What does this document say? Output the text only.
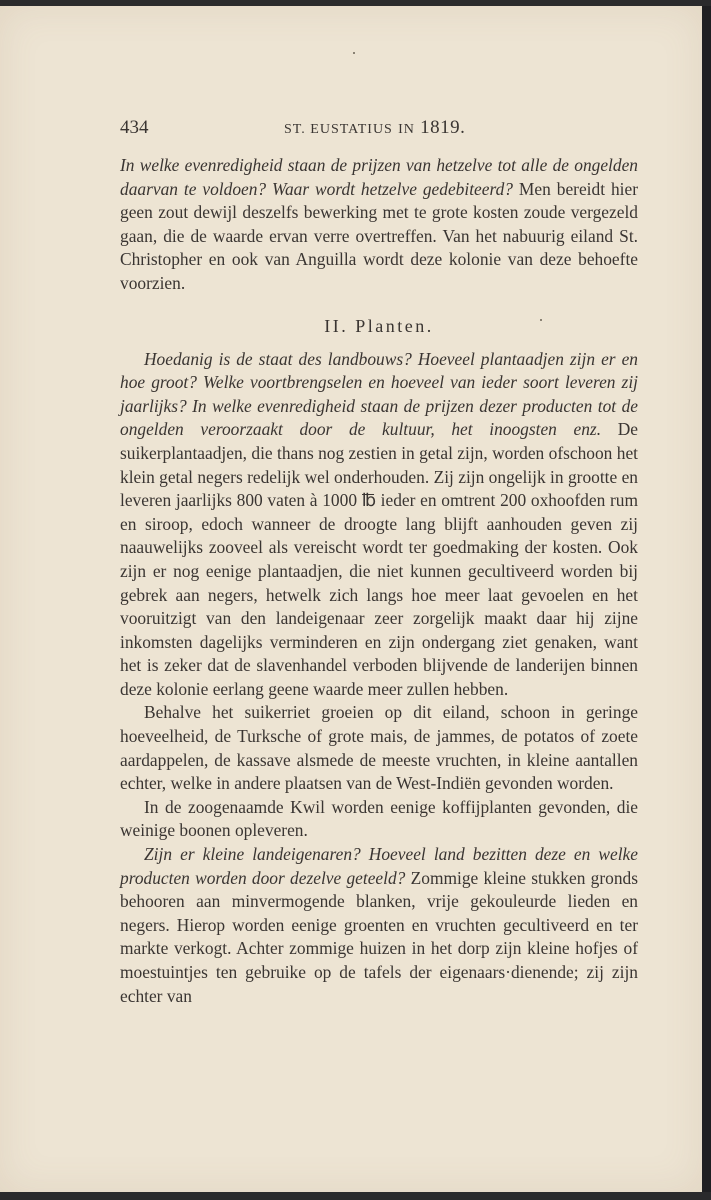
434	ST. EUSTATIUS IN 1819.

In welke evenredigheid staan de prijzen van hetzelve tot alle de ongelden daarvan te voldoen? Waar wordt hetzelve gedebiteerd? Men bereidt hier geen zout dewijl deszelfs bewerking met te grote kosten zoude vergezeld gaan, die de waarde ervan verre overtreffen. Van het nabuurig eiland St. Christopher en ook van Anguilla wordt deze kolonie van deze behoefte voorzien.

II. Planten.

Hoedanig is de staat des landbouws? Hoeveel plantaadjen zijn er en hoe groot? Welke voortbrengselen en hoeveel van ieder soort leveren zij jaarlijks? In welke evenredigheid staan de prijzen dezer producten tot de ongelden veroorzaakt door de kultuur, het inoogsten enz. De suikerplantaadjen, die thans nog zestien in getal zijn, worden ofschoon het klein getal negers redelijk wel onderhouden. Zij zijn ongelijk in grootte en leveren jaarlijks 800 vaten à 1000 ℔ ieder en omtrent 200 oxhoofden rum en siroop, edoch wanneer de droogte lang blijft aanhouden geven zij naauwelijks zooveel als vereischt wordt ter goedmaking der kosten. Ook zijn er nog eenige plantaadjen, die niet kunnen gecultiveerd worden bij gebrek aan negers, hetwelk zich langs hoe meer laat gevoelen en het vooruitzigt van den landeigenaar zeer zorgelijk maakt daar hij zijne inkomsten dagelijks verminderen en zijn ondergang ziet genaken, want het is zeker dat de slavenhandel verboden blijvende de landerijen binnen deze kolonie eerlang geene waarde meer zullen hebben.

Behalve het suikerriet groeien op dit eiland, schoon in geringe hoeveelheid, de Turksche of grote mais, de jammes, de potatos of zoete aardappelen, de kassave alsmede de meeste vruchten, in kleine aantallen echter, welke in andere plaatsen van de West-Indiën gevonden worden.

In de zoogenaamde Kwil worden eenige koffijplanten gevonden, die weinige boonen opleveren.

Zijn er kleine landeigenaren? Hoeveel land bezitten deze en welke producten worden door dezelve geteeld? Zommige kleine stukken gronds behooren aan minvermogende blanken, vrije gekouleurde lieden en negers. Hierop worden eenige groenten en vruchten gecultiveerd en ter markte verkogt. Achter zommige huizen in het dorp zijn kleine hofjes of moestuintjes ten gebruike op de tafels der eigenaars·dienende; zij zijn echter van
